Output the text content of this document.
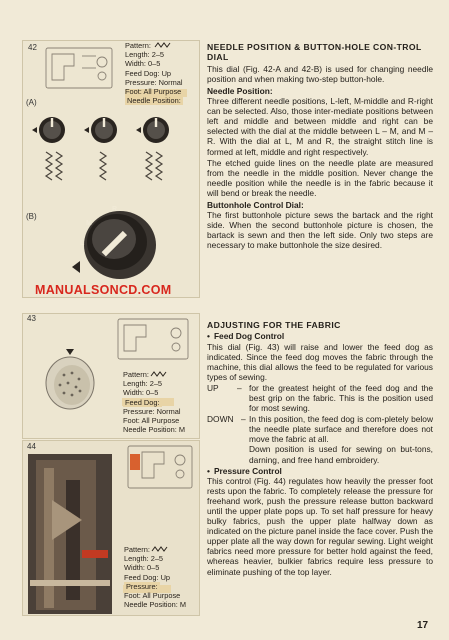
42
(A)
(B)
R
M
L
Pattern:
Length: 2–5
Width: 0–5
Feed Dog: Up
Pressure: Normal
Foot: All Purpose
Needle Position:
MANUALSONCD.COM
43
Pattern:
Length: 2–5
Width: 0–5
Feed Dog:
Pressure: Normal
Foot: All Purpose
Needle Position: M
44
Pattern:
Length: 2–5
Width: 0–5
Feed Dog: Up
Pressure:
Foot: All Purpose
Needle Position: M
NEEDLE POSITION & BUTTON-HOLE CON-TROL DIAL
This dial (Fig. 42-A and 42-B) is used for changing needle position and when making two-step button-hole.
Needle Position:
Three different needle positions, L-left, M-middle and R-right can be selected. Also, those inter-mediate positions between left and middle and between middle and right can be selected with the dial at the middle between L – M, and M – R. With the dial at L, M and R, the straight stitch line is formed at left, middle and right respectively.
The etched guide lines on the needle plate are measured from the needle in the middle position. Never change the needle position while the needle is in the fabric because it will bend or break the needle.
Buttonhole Control Dial:
The first buttonhole picture sews the bartack and the right side. When the second buttonhole picture is chosen, the bartack is sewn and then the left side. Only two steps are necessary to make buttonhole the size desired.
ADJUSTING FOR THE FABRIC
• Feed Dog Control
This dial (Fig. 43) will raise and lower the feed dog as indicated. Since the feed dog moves the fabric through the machine, this dial allows the feed to be regulated for various types of sewing.
UP	– for the greatest height of the feed dog and the best grip on the fabric. This is the position used for most sewing.
DOWN – In this position, the feed dog is com-pletely below the needle plate surface and therefore does not move the fabric at all.
Down position is used for sewing on but-tons, darning, and free hand embroidery.
• Pressure Control
This control (Fig. 44) regulates how heavily the presser foot rests upon the fabric. To completely release the pressure for freehand work, push the pressure release button backward until the upper plate pops up. To set half pressure for heavy bulky fabrics, push the upper plate halfway down as indicated on the picture panel inside the face cover. Push the upper plate all the way down for regular sewing. Light weight fabrics need more pressure for better hold against the feed, whereas heavier, bulkier fabrics require less pressure to eliminate pushing of the top layer.
17
